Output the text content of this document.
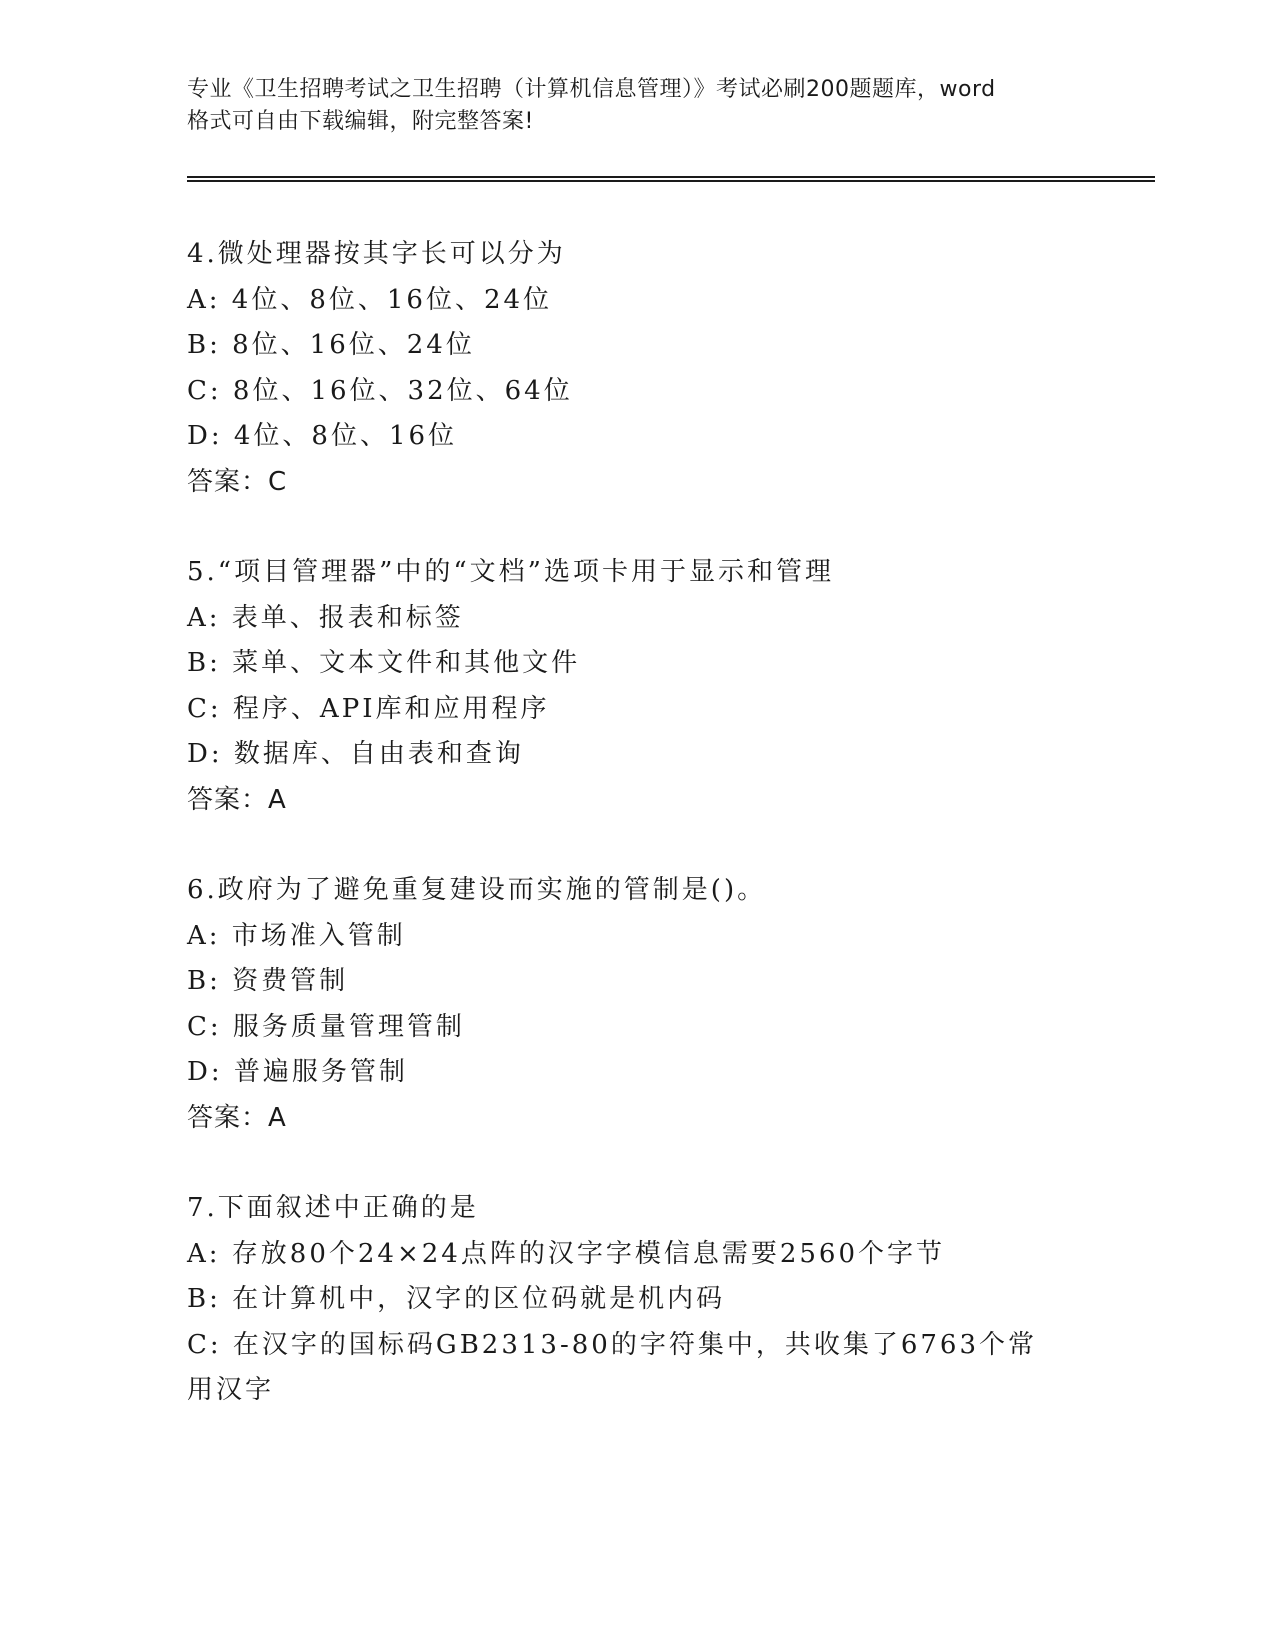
专业《卫生招聘考试之卫生招聘（计算机信息管理）》考试必刷200题题库，word
格式可自由下载编辑，附完整答案!
4.微处理器按其字长可以分为
A: 4位、8位、16位、24位
B: 8位、16位、24位
C: 8位、16位、32位、64位
D: 4位、8位、16位
答案：C
5.“项目管理器”中的“文档”选项卡用于显示和管理
A: 表单、报表和标签
B: 菜单、文本文件和其他文件
C: 程序、API库和应用程序
D: 数据库、自由表和查询
答案：A
6.政府为了避免重复建设而实施的管制是()。
A: 市场准入管制
B: 资费管制
C: 服务质量管理管制
D: 普遍服务管制
答案：A
7.下面叙述中正确的是
A: 存放80个24×24点阵的汉字字模信息需要2560个字节
B: 在计算机中，汉字的区位码就是机内码
C: 在汉字的国标码GB2313-80的字符集中，共收集了6763个常用汉字
